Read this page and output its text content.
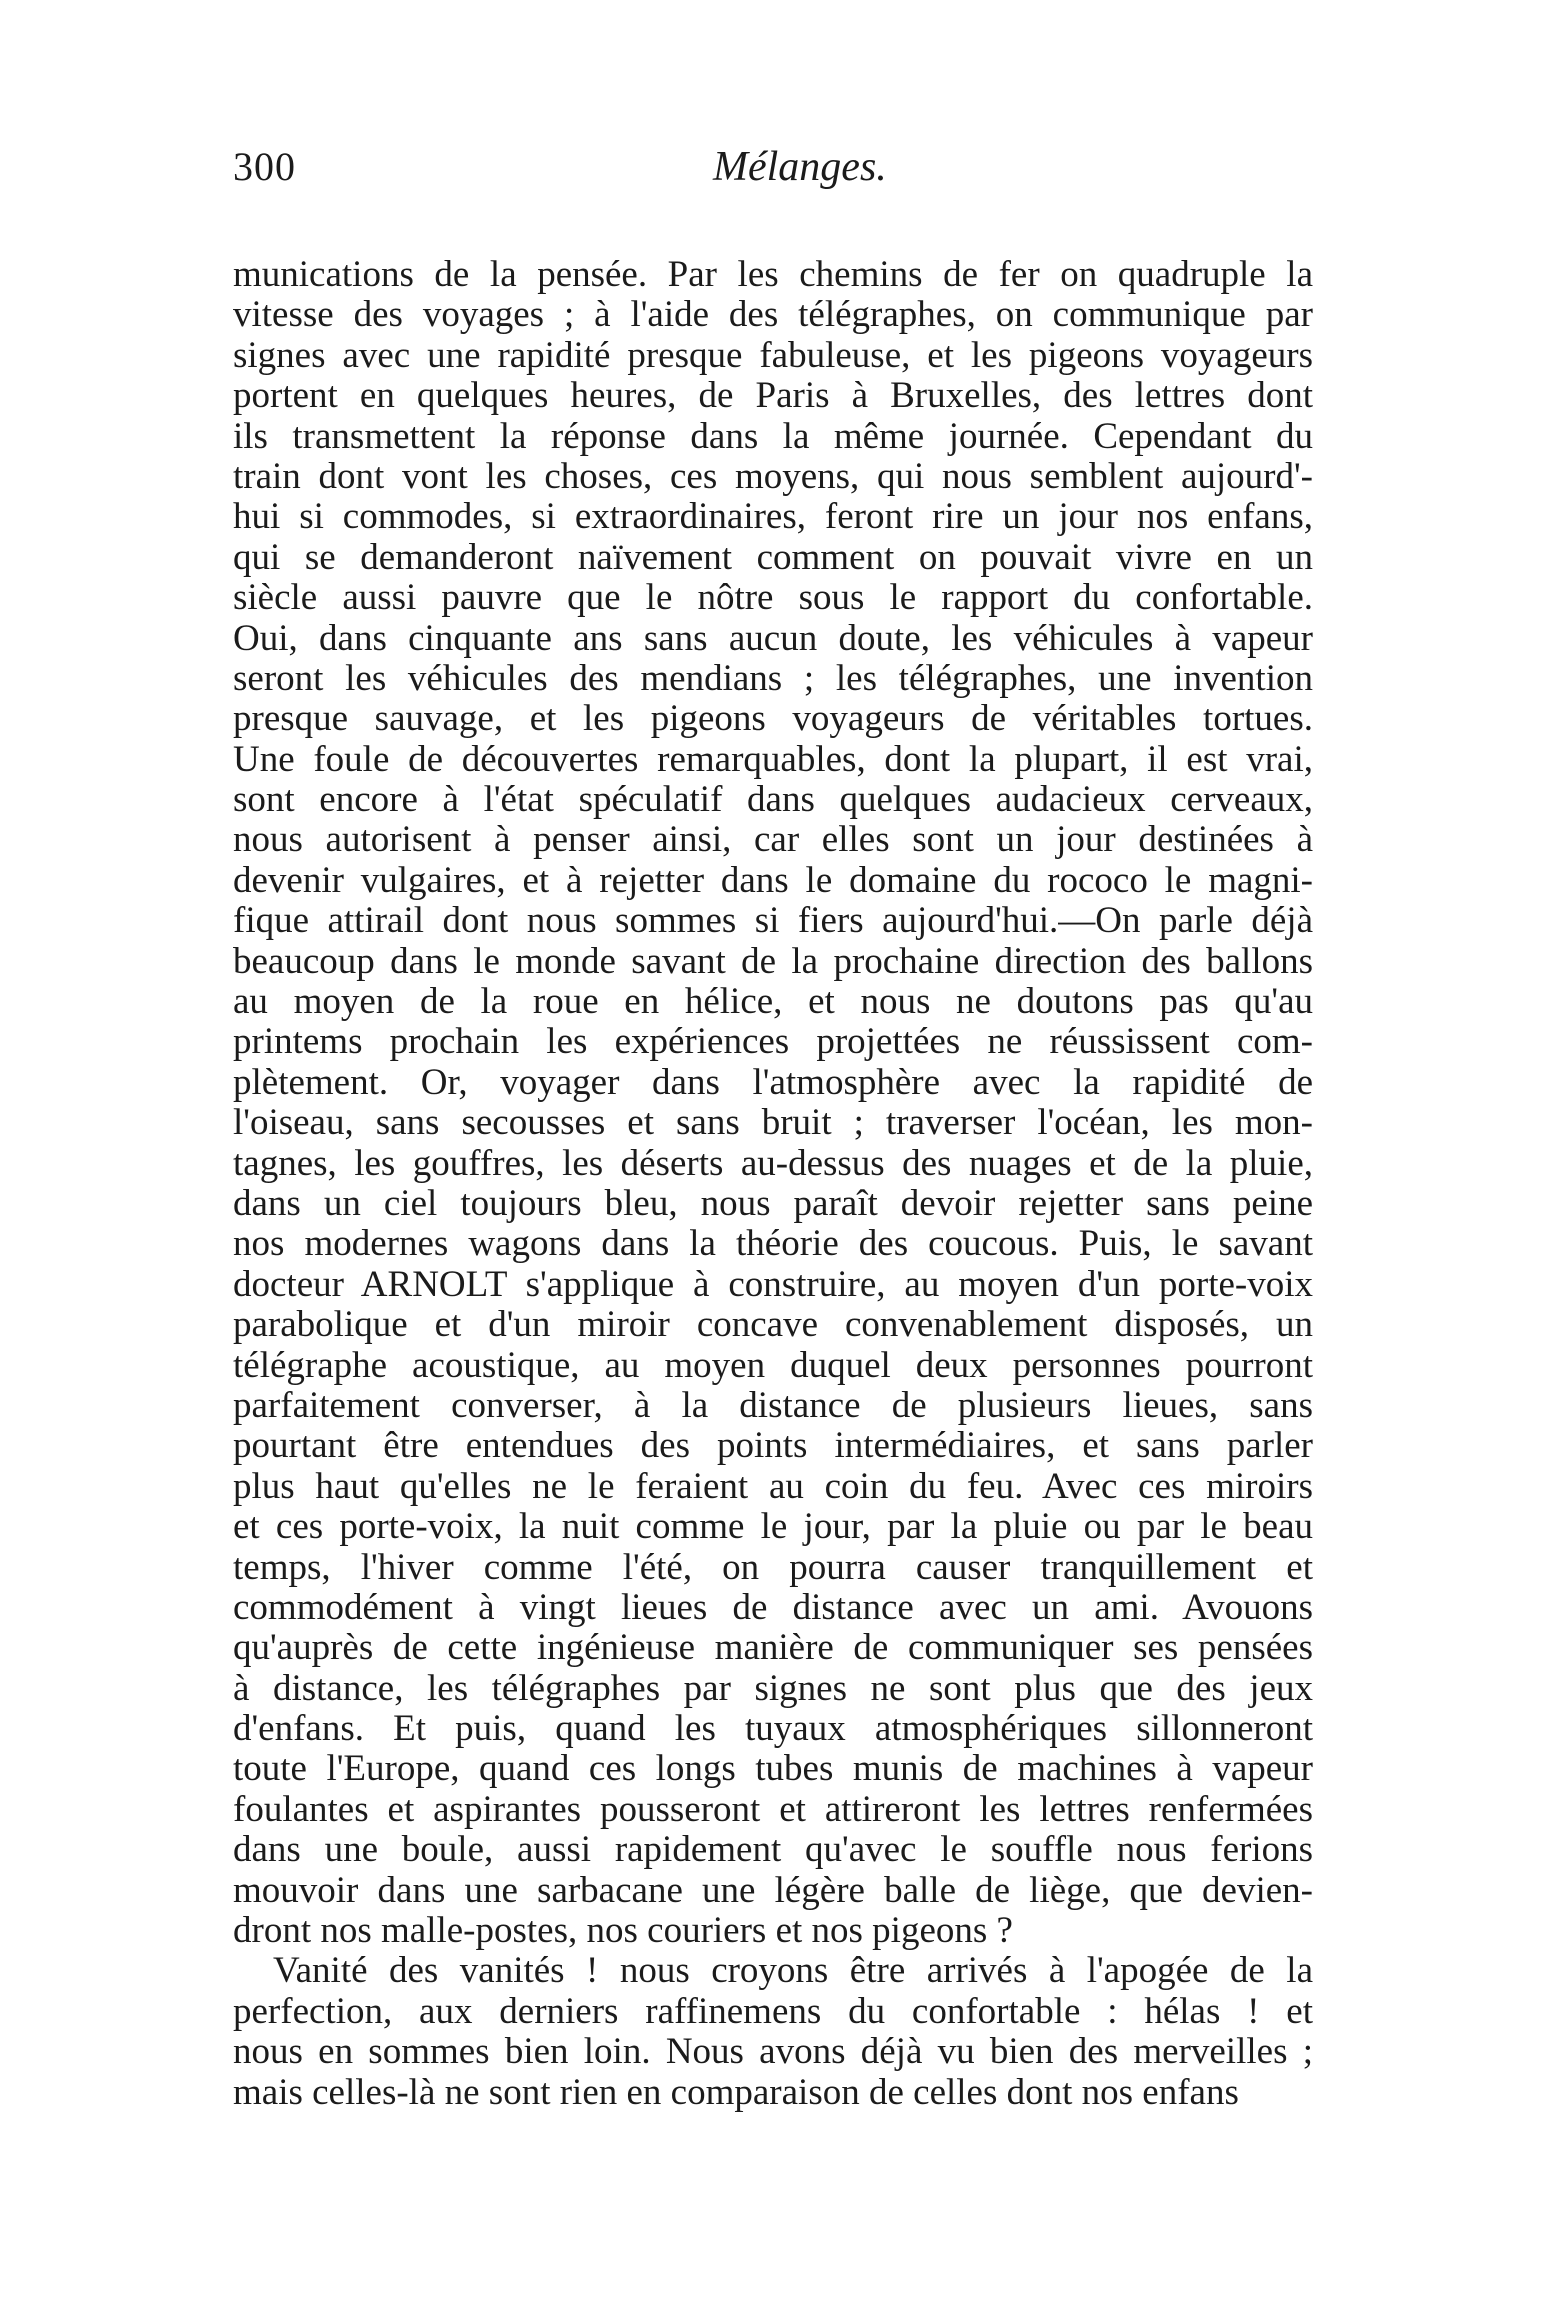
300	Mélanges.
munications de la pensée. Par les chemins de fer on quadruple la
vitesse des voyages ; à l'aide des télégraphes, on communique par
signes avec une rapidité presque fabuleuse, et les pigeons voyageurs
portent en quelques heures, de Paris à Bruxelles, des lettres dont
ils transmettent la réponse dans la même journée. Cependant du
train dont vont les choses, ces moyens, qui nous semblent aujourd'-
hui si commodes, si extraordinaires, feront rire un jour nos enfans,
qui se demanderont naïvement comment on pouvait vivre en un
siècle aussi pauvre que le nôtre sous le rapport du confortable.
Oui, dans cinquante ans sans aucun doute, les véhicules à vapeur
seront les véhicules des mendians ; les télégraphes, une invention
presque sauvage, et les pigeons voyageurs de véritables tortues.
Une foule de découvertes remarquables, dont la plupart, il est vrai,
sont encore à l'état spéculatif dans quelques audacieux cerveaux,
nous autorisent à penser ainsi, car elles sont un jour destinées à
devenir vulgaires, et à rejetter dans le domaine du rococo le magni-
fique attirail dont nous sommes si fiers aujourd'hui.—On parle déjà
beaucoup dans le monde savant de la prochaine direction des ballons
au moyen de la roue en hélice, et nous ne doutons pas qu'au
printems prochain les expériences projettées ne réussissent com-
plètement. Or, voyager dans l'atmosphère avec la rapidité de
l'oiseau, sans secousses et sans bruit ; traverser l'océan, les mon-
tagnes, les gouffres, les déserts au-dessus des nuages et de la pluie,
dans un ciel toujours bleu, nous paraît devoir rejetter sans peine
nos modernes wagons dans la théorie des coucous. Puis, le savant
docteur ARNOLT s'applique à construire, au moyen d'un porte-voix
parabolique et d'un miroir concave convenablement disposés, un
télégraphe acoustique, au moyen duquel deux personnes pourront
parfaitement converser, à la distance de plusieurs lieues, sans
pourtant être entendues des points intermédiaires, et sans parler
plus haut qu'elles ne le feraient au coin du feu. Avec ces miroirs
et ces porte-voix, la nuit comme le jour, par la pluie ou par le beau
temps, l'hiver comme l'été, on pourra causer tranquillement et
commodément à vingt lieues de distance avec un ami. Avouons
qu'auprès de cette ingénieuse manière de communiquer ses pensées
à distance, les télégraphes par signes ne sont plus que des jeux
d'enfans. Et puis, quand les tuyaux atmosphériques sillonneront
toute l'Europe, quand ces longs tubes munis de machines à vapeur
foulantes et aspirantes pousseront et attireront les lettres renfermées
dans une boule, aussi rapidement qu'avec le souffle nous ferions
mouvoir dans une sarbacane une légère balle de liège, que devien-
dront nos malle-postes, nos couriers et nos pigeons ?
Vanité des vanités ! nous croyons être arrivés à l'apogée de la
perfection, aux derniers raffinemens du confortable : hélas ! et
nous en sommes bien loin. Nous avons déjà vu bien des merveilles ;
mais celles-là ne sont rien en comparaison de celles dont nos enfans
